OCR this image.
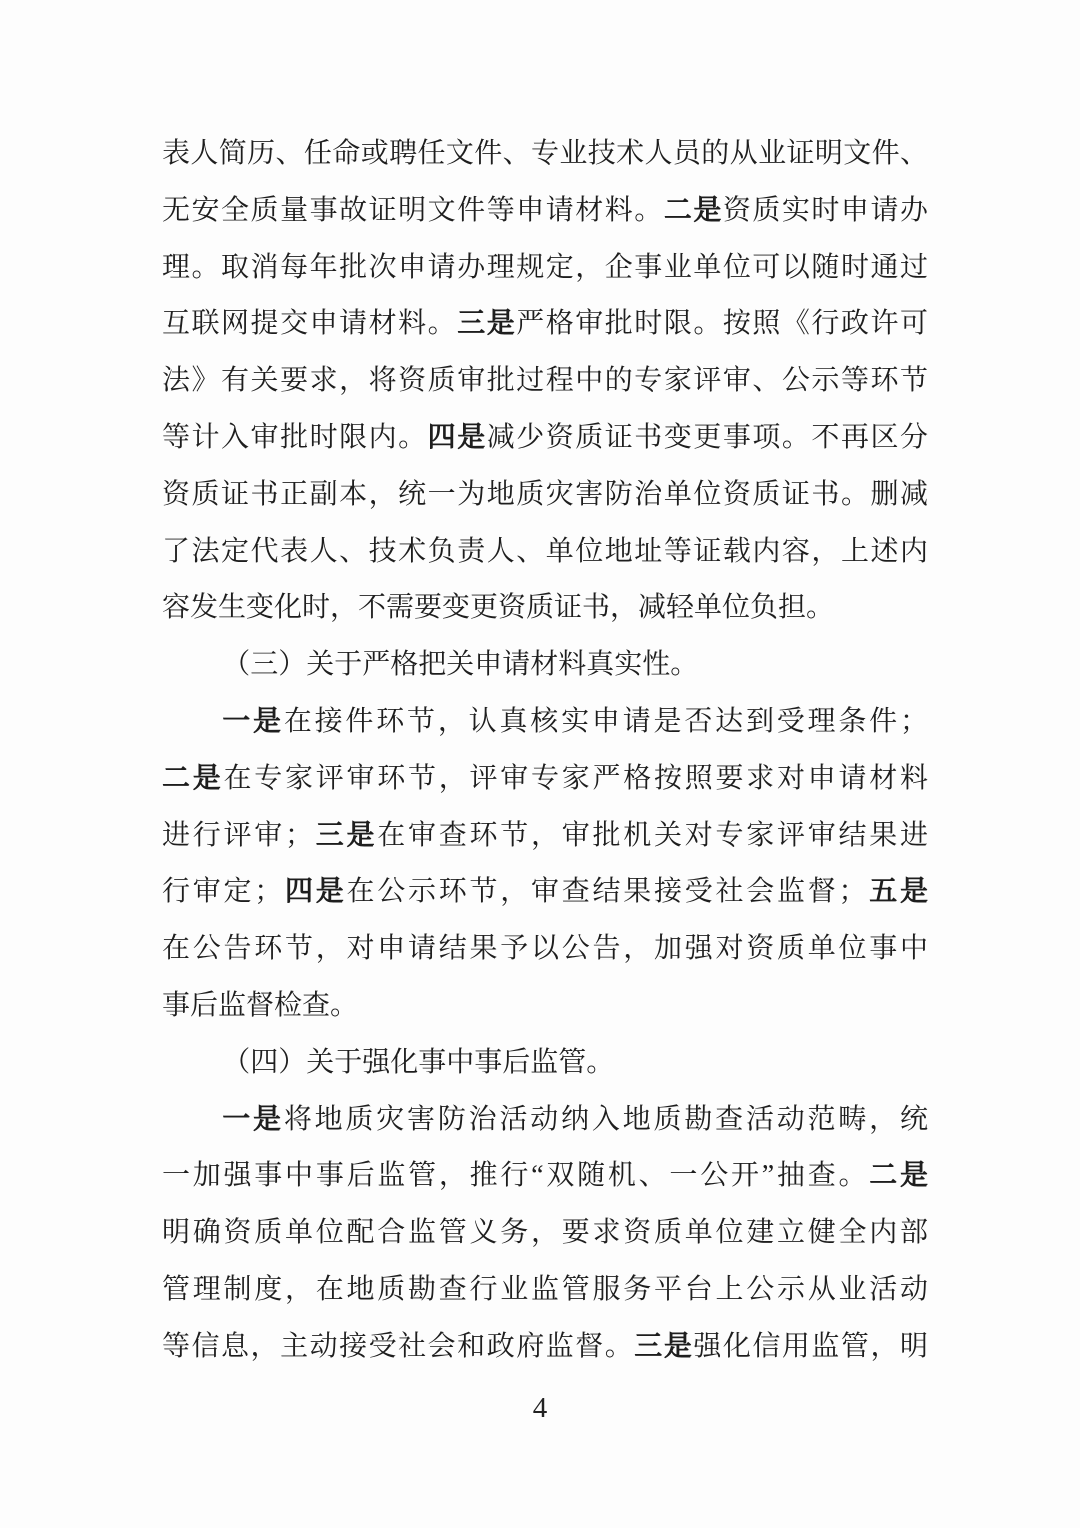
表人简历、任命或聘任文件、专业技术人员的从业证明文件、
无安全质量事故证明文件等申请材料。二是资质实时申请办
理。取消每年批次申请办理规定，企事业单位可以随时通过
互联网提交申请材料。三是严格审批时限。按照《行政许可
法》有关要求，将资质审批过程中的专家评审、公示等环节
等计入审批时限内。四是减少资质证书变更事项。不再区分
资质证书正副本，统一为地质灾害防治单位资质证书。删减
了法定代表人、技术负责人、单位地址等证载内容，上述内
容发生变化时，不需要变更资质证书，减轻单位负担。
（三）关于严格把关申请材料真实性。
一是在接件环节，认真核实申请是否达到受理条件；
二是在专家评审环节，评审专家严格按照要求对申请材料
进行评审；三是在审查环节，审批机关对专家评审结果进
行审定；四是在公示环节，审查结果接受社会监督；五是
在公告环节，对申请结果予以公告，加强对资质单位事中
事后监督检查。
（四）关于强化事中事后监管。
一是将地质灾害防治活动纳入地质勘查活动范畴，统
一加强事中事后监管，推行“双随机、一公开”抽查。二是
明确资质单位配合监管义务，要求资质单位建立健全内部
管理制度，在地质勘查行业监管服务平台上公示从业活动
等信息，主动接受社会和政府监督。三是强化信用监管，明
4
